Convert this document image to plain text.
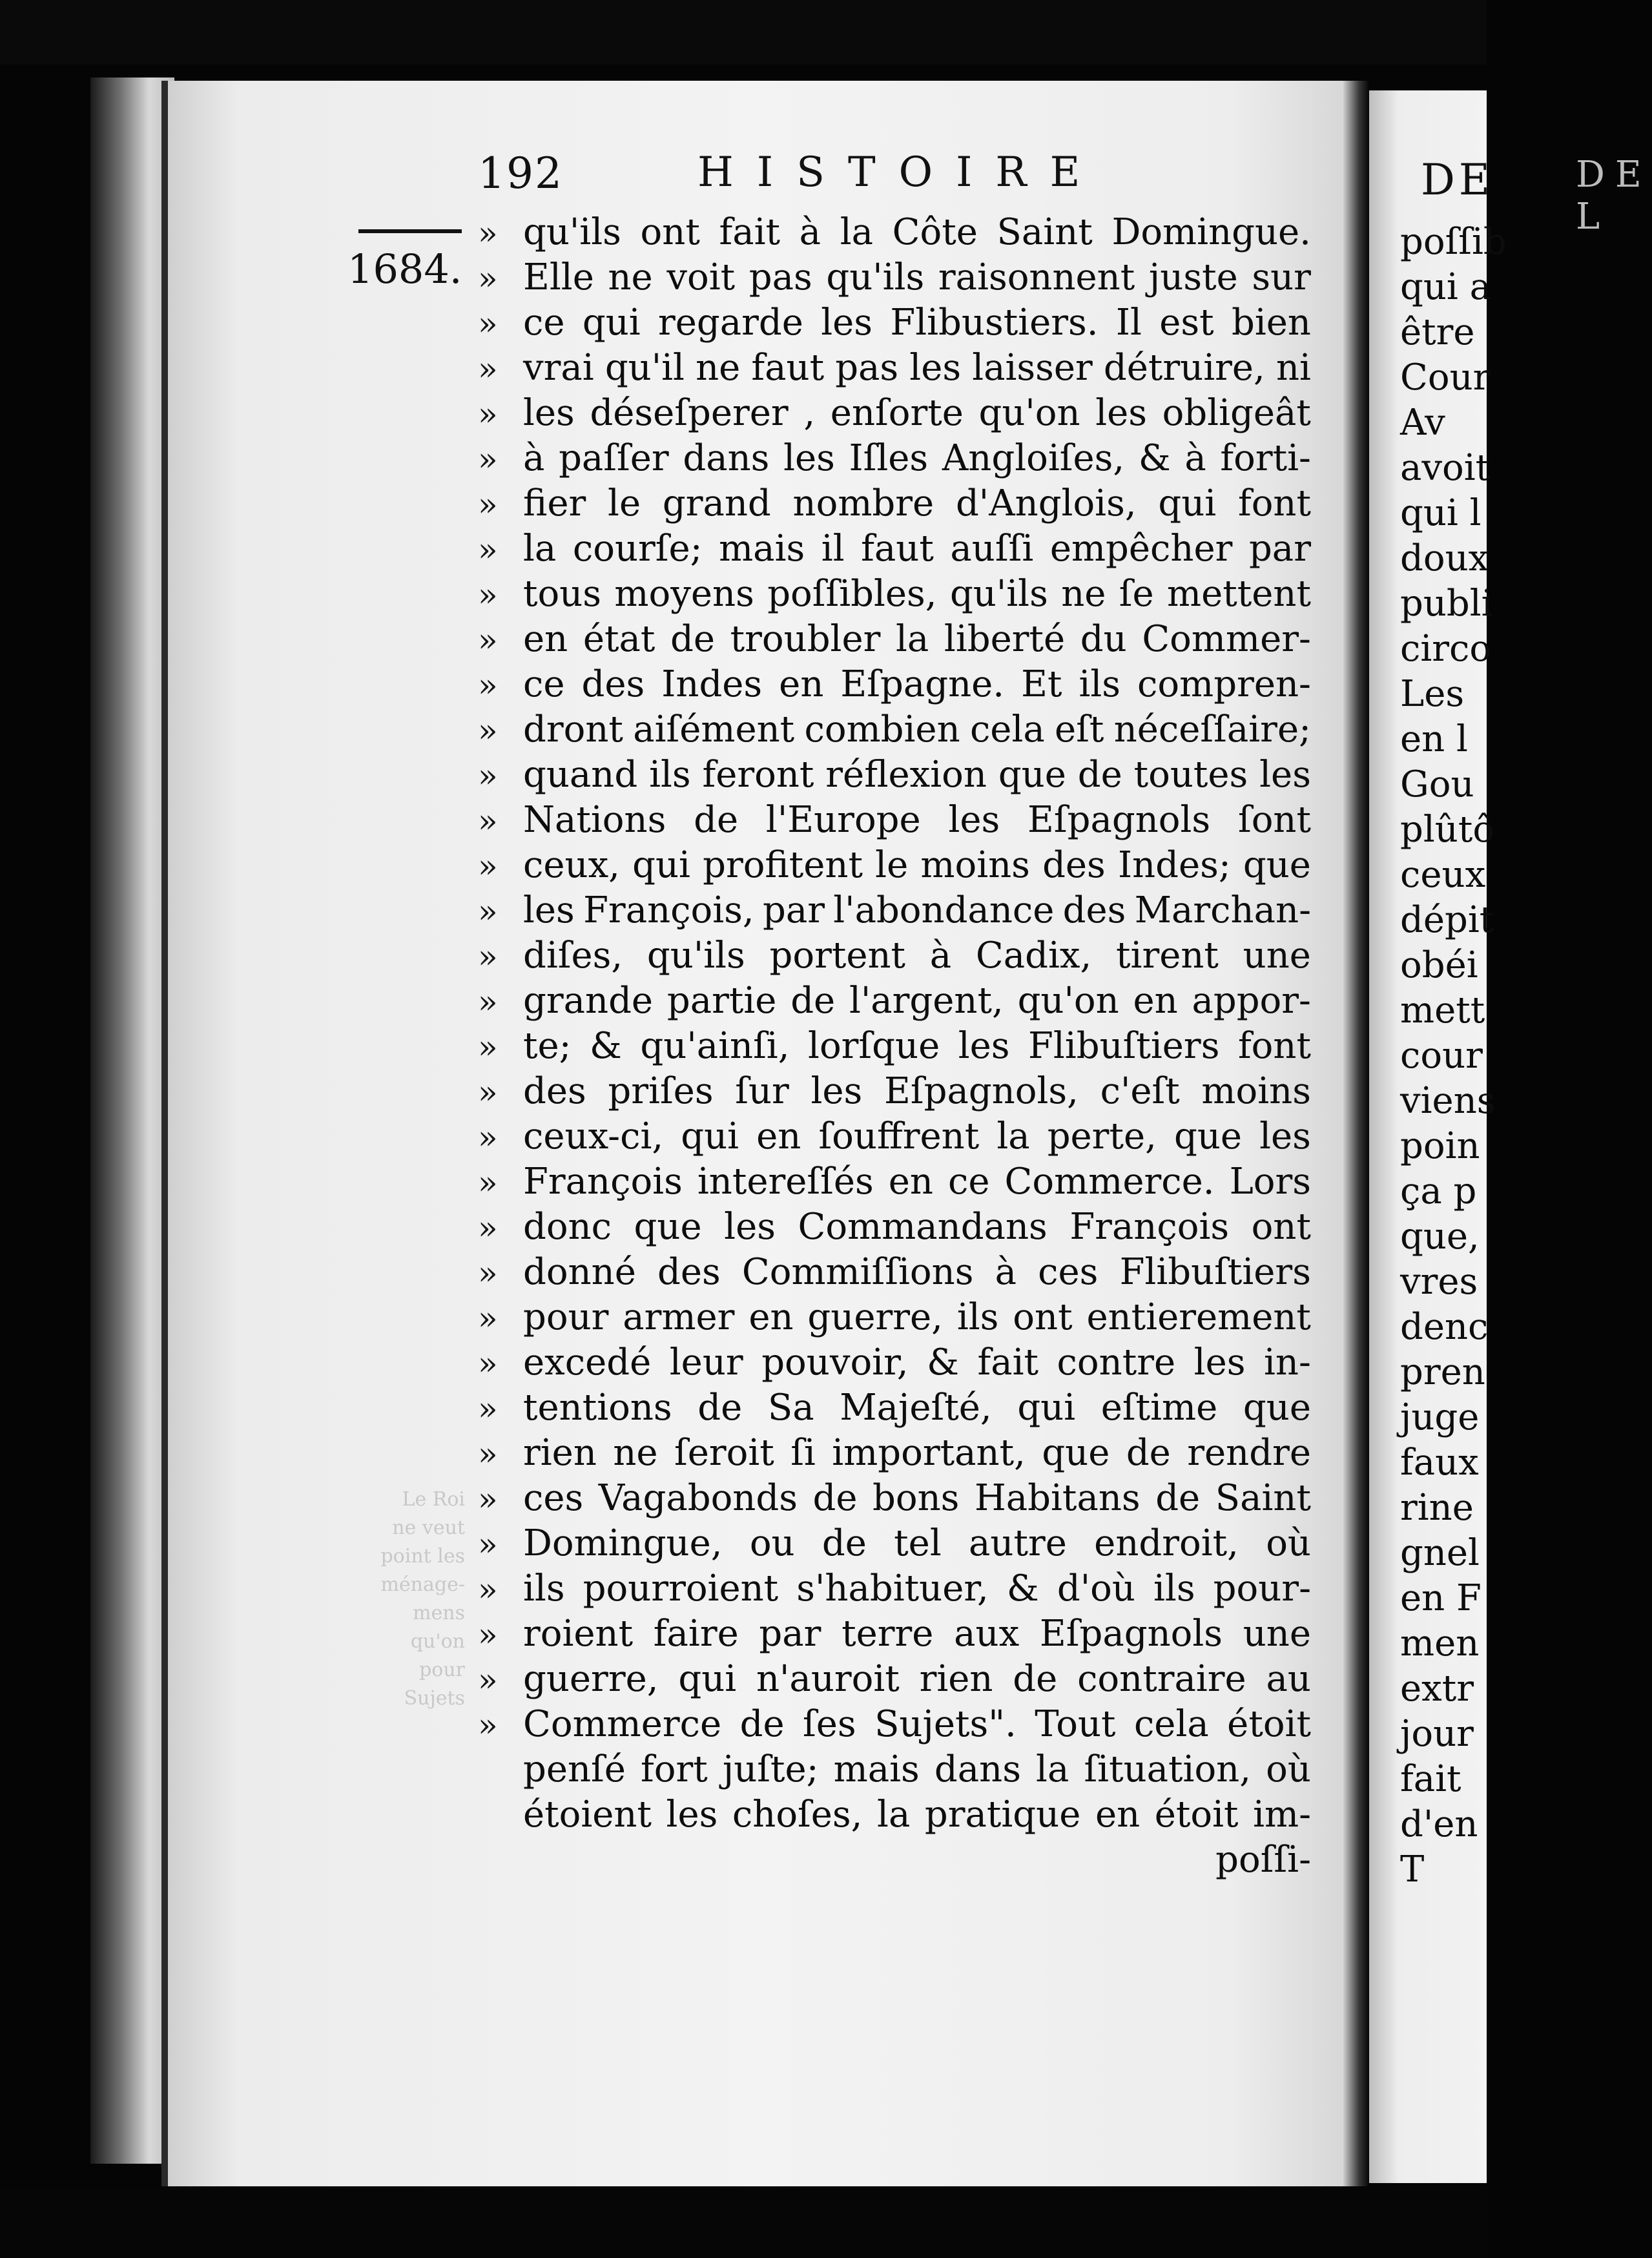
192	HISTOIRE	DE L
1684.
Le Roi
ne veut
point les
ménage-
mens
qu'on
pour
Sujets
» qu'ils ont fait à la Côte Saint Domingue.
» Elle ne voit pas qu'ils raisonnent juste sur
» ce qui regarde les Flibustiers. Il est bien
» vrai qu'il ne faut pas les laisser détruire, ni
» les déseſperer , enſorte qu'on les obligeât
» à paſſer dans les Iſles Angloiſes, & à forti-
» fier le grand nombre d'Anglois, qui font
» la courſe; mais il faut auſſi empêcher par
» tous moyens poſſibles, qu'ils ne ſe mettent
» en état de troubler la liberté du Commer-
» ce des Indes en Eſpagne. Et ils compren-
» dront aiſément combien cela eſt néceſſaire;
» quand ils feront réflexion que de toutes les
» Nations de l'Europe les Eſpagnols ſont
» ceux, qui profitent le moins des Indes; que
» les François, par l'abondance des Marchan-
» diſes, qu'ils portent à Cadix, tirent une
» grande partie de l'argent, qu'on en appor-
» te; & qu'ainſi, lorſque les Flibuſtiers font
» des priſes ſur les Eſpagnols, c'eſt moins
» ceux-ci, qui en ſouffrent la perte, que les
» François intereſſés en ce Commerce. Lors
» donc que les Commandans François ont
» donné des Commiſſions à ces Flibuſtiers
» pour armer en guerre, ils ont entierement
» excedé leur pouvoir, & fait contre les in-
» tentions de Sa Majeſté, qui eſtime que
» rien ne ſeroit ſi important, que de rendre
» ces Vagabonds de bons Habitans de Saint
» Domingue, ou de tel autre endroit, où
» ils pourroient s'habituer, & d'où ils pour-
» roient faire par terre aux Eſpagnols une
» guerre, qui n'auroit rien de contraire au
» Commerce de ſes Sujets". Tout cela étoit
penſé fort juſte; mais dans la ſituation, où
étoient les choſes, la pratique en étoit im-
poſſi-
DE
poſſib
qui a
être
Cour
Av
avoit
qui l
doux
publi
circo
Les
en l
Gou
plûtô
ceux
dépit
obéi
mett
cour
viens
poin
ça p
que,
vres
denc
pren
juge
faux
rine
gnel
en F
men
extr
jour
fait
d'en
T
